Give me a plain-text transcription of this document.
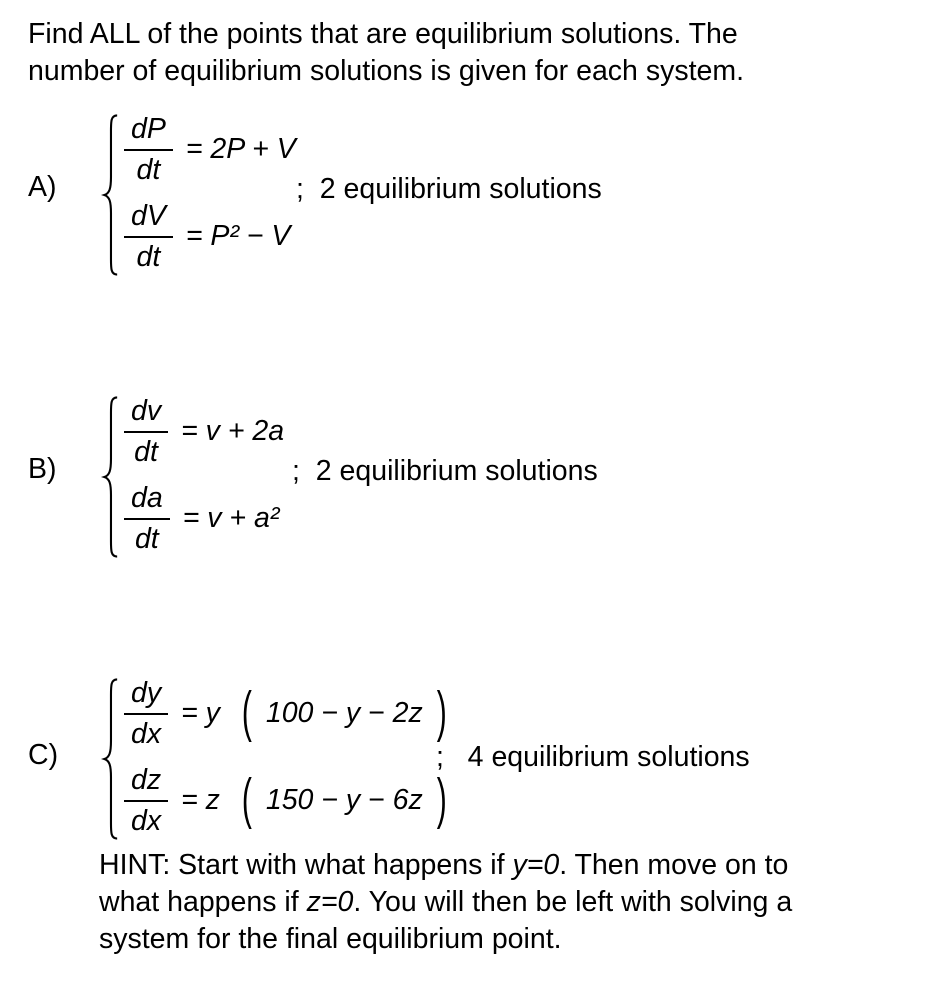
Find ALL of the points that are equilibrium solutions. The
number of equilibrium solutions is given for each system.
A)
$\frac{dP}{dt} = 2P + V$
$\frac{dV}{dt} = P^2 - V$
;  2 equilibrium solutions
B)
$\frac{dv}{dt} = v + 2a$
$\frac{da}{dt} = v + a^2$
;  2 equilibrium solutions
C)
$\frac{dy}{dx} = y$ ( 100 − y − 2z )
$\frac{dz}{dx} = z$ ( 150 − y − 6z )
;   4 equilibrium solutions
HINT: Start with what happens if y=0. Then move on to
what happens if z=0. You will then be left with solving a
system for the final equilibrium point.
